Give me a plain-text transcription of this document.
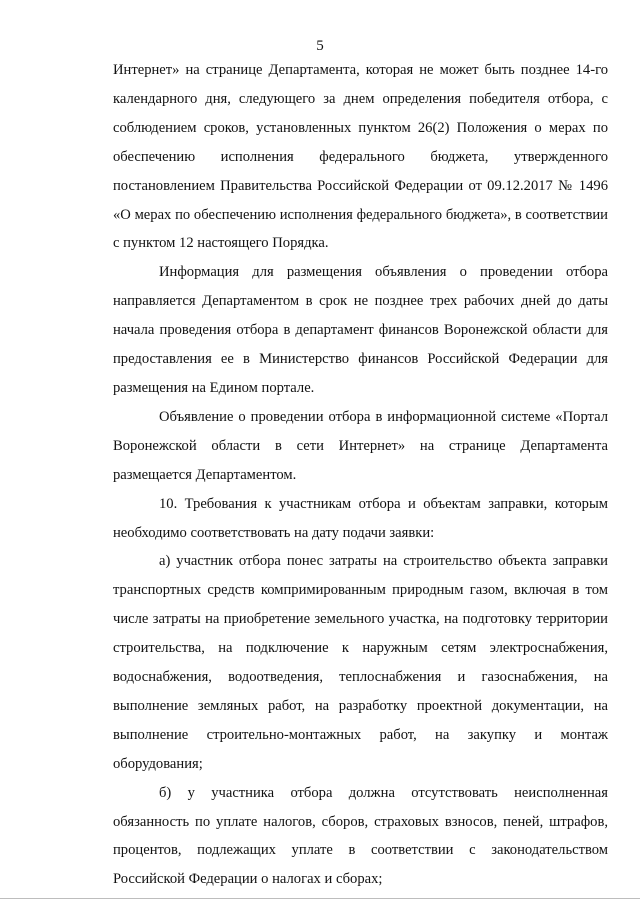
5

Интернет» на странице Департамента, которая не может быть позднее 14-го календарного дня, следующего за днем определения победителя отбора, с соблюдением сроков, установленных пунктом 26(2) Положения о мерах по обеспечению исполнения федерального бюджета, утвержденного постановлением Правительства Российской Федерации от 09.12.2017 № 1496 «О мерах по обеспечению исполнения федерального бюджета», в соответствии с пунктом 12 настоящего Порядка.

Информация для размещения объявления о проведении отбора направляется Департаментом в срок не позднее трех рабочих дней до даты начала проведения отбора в департамент финансов Воронежской области для предоставления ее в Министерство финансов Российской Федерации для размещения на Едином портале.

Объявление о проведении отбора в информационной системе «Портал Воронежской области в сети Интернет» на странице Департамента размещается Департаментом.

10. Требования к участникам отбора и объектам заправки, которым необходимо соответствовать на дату подачи заявки:

а) участник отбора понес затраты на строительство объекта заправки транспортных средств компримированным природным газом, включая в том числе затраты на приобретение земельного участка, на подготовку территории строительства, на подключение к наружным сетям электроснабжения, водоснабжения, водоотведения, теплоснабжения и газоснабжения, на выполнение земляных работ, на разработку проектной документации, на выполнение строительно-монтажных работ, на закупку и монтаж оборудования;

б) у участника отбора должна отсутствовать неисполненная обязанность по уплате налогов, сборов, страховых взносов, пеней, штрафов, процентов, подлежащих уплате в соответствии с законодательством Российской Федерации о налогах и сборах;
